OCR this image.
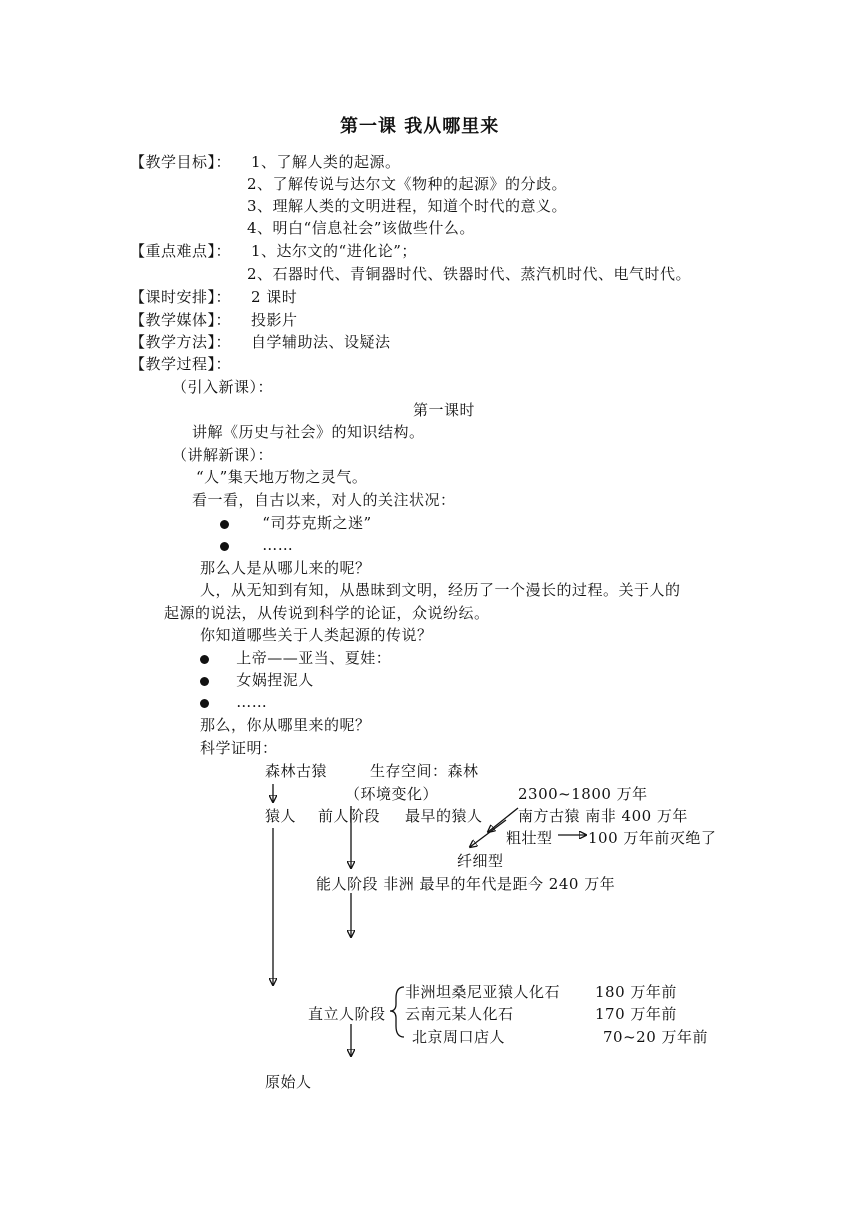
第一课 我从哪里来
【教学目标】： 1、了解人类的起源。
2、了解传说与达尔文《物种的起源》的分歧。
3、理解人类的文明进程，知道个时代的意义。
4、明白“信息社会”该做些什么。
【重点难点】： 1、达尔文的“进化论”；
2、石器时代、青铜器时代、铁器时代、蒸汽机时代、电气时代。
【课时安排】： 2 课时
【教学媒体】： 投影片
【教学方法】： 自学辅助法、设疑法
【教学过程】：
（引入新课）：
第一课时
讲解《历史与社会》的知识结构。
（讲解新课）：
“人”集天地万物之灵气。
看一看，自古以来，对人的关注状况：
“司芬克斯之迷”
……
那么人是从哪儿来的呢？
人，从无知到有知，从愚昧到文明，经历了一个漫长的过程。关于人的
起源的说法，从传说到科学的论证，众说纷纭。
你知道哪些关于人类起源的传说？
上帝——亚当、夏娃：
女娲捏泥人
……
那么，你从哪里来的呢？
科学证明：
森林古猿	生存空间：森林
（环境变化）	2300~1800 万年
猿人 前人阶段 最早的猿人 南方古猿 南非 400 万年
粗壮型 100 万年前灭绝了
纤细型
能人阶段 非洲 最早的年代是距今 240 万年
非洲坦桑尼亚猿人化石 180 万年前
直立人阶段 云南元某人化石	170 万年前
北京周口店人	70~20 万年前
原始人
